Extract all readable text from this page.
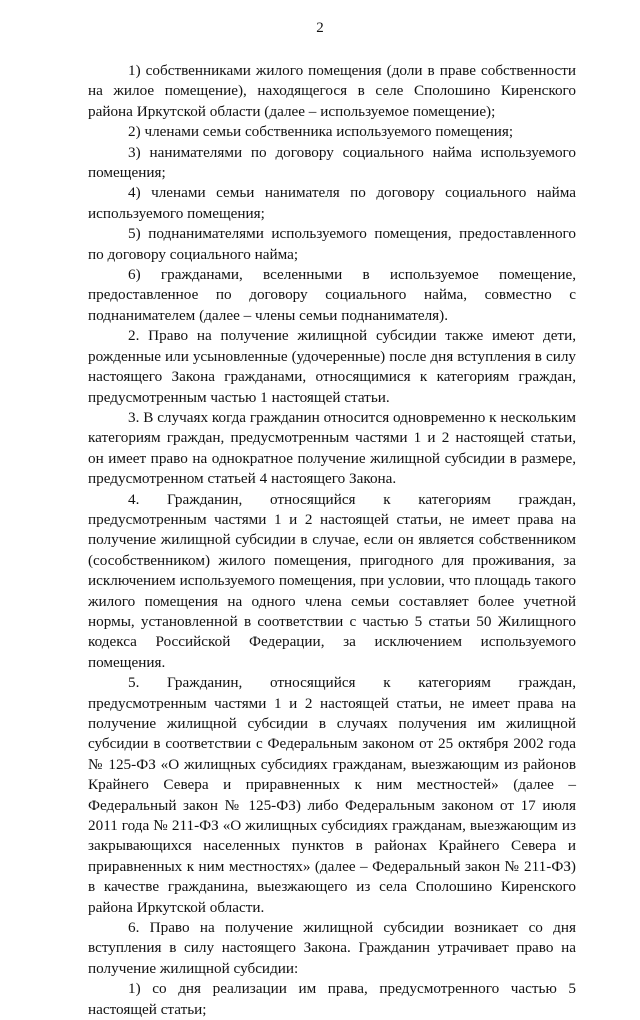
2

1) собственниками жилого помещения (доли в праве собственности на жилое помещение), находящегося в селе Сполошино Киренского района Иркутской области (далее – используемое помещение);

2) членами семьи собственника используемого помещения;

3) нанимателями по договору социального найма используемого помещения;

4) членами семьи нанимателя по договору социального найма используемого помещения;

5) поднанимателями используемого помещения, предоставленного по договору социального найма;

6) гражданами, вселенными в используемое помещение, предоставленное по договору социального найма, совместно с поднанимателем (далее – члены семьи поднанимателя).

2. Право на получение жилищной субсидии также имеют дети, рожденные или усыновленные (удочеренные) после дня вступления в силу настоящего Закона гражданами, относящимися к категориям граждан, предусмотренным частью 1 настоящей статьи.

3. В случаях когда гражданин относится одновременно к нескольким категориям граждан, предусмотренным частями 1 и 2 настоящей статьи, он имеет право на однократное получение жилищной субсидии в размере, предусмотренном статьей 4 настоящего Закона.

4. Гражданин, относящийся к категориям граждан, предусмотренным частями 1 и 2 настоящей статьи, не имеет права на получение жилищной субсидии в случае, если он является собственником (сособственником) жилого помещения, пригодного для проживания, за исключением используемого помещения, при условии, что площадь такого жилого помещения на одного члена семьи составляет более учетной нормы, установленной в соответствии с частью 5 статьи 50 Жилищного кодекса Российской Федерации, за исключением используемого помещения.

5. Гражданин, относящийся к категориям граждан, предусмотренным частями 1 и 2 настоящей статьи, не имеет права на получение жилищной субсидии в случаях получения им жилищной субсидии в соответствии с Федеральным законом от 25 октября 2002 года № 125-ФЗ «О жилищных субсидиях гражданам, выезжающим из районов Крайнего Севера и приравненных к ним местностей» (далее – Федеральный закон № 125-ФЗ) либо Федеральным законом от 17 июля 2011 года № 211-ФЗ «О жилищных субсидиях гражданам, выезжающим из закрывающихся населенных пунктов в районах Крайнего Севера и приравненных к ним местностях» (далее – Федеральный закон № 211-ФЗ) в качестве гражданина, выезжающего из села Сполошино Киренского района Иркутской области.

6. Право на получение жилищной субсидии возникает со дня вступления в силу настоящего Закона. Гражданин утрачивает право на получение жилищной субсидии:

1) со дня реализации им права, предусмотренного частью 5 настоящей статьи;
